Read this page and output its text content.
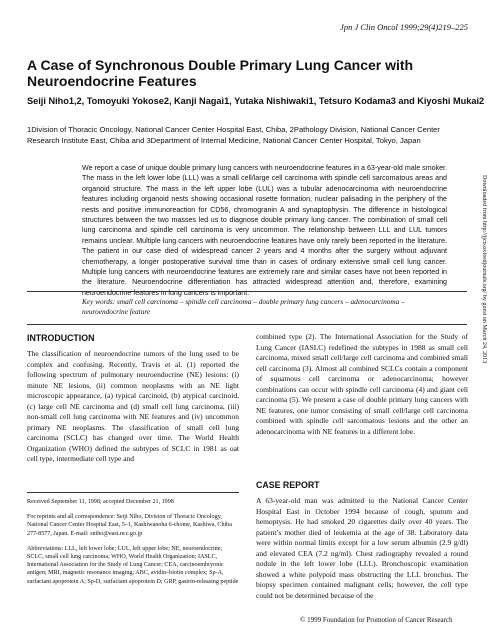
Jpn J Clin Oncol 1999;29(4)219–225
A Case of Synchronous Double Primary Lung Cancer with Neuroendocrine Features
Seiji Niho1,2, Tomoyuki Yokose2, Kanji Nagai1, Yutaka Nishiwaki1, Tetsuro Kodama3 and Kiyoshi Mukai2
1Division of Thoracic Oncology, National Cancer Center Hospital East, Chiba, 2Pathology Division, National Cancer Center Research Institute East, Chiba and 3Department of Internal Medicine, National Cancer Center Hospital, Tokyo, Japan

We report a case of unique double primary lung cancers with neuroendocrine features in a 63-year-old male smoker. The mass in the left lower lobe (LLL) was a small cell/large cell carcinoma with spindle cell sarcomatous areas and organoid structure. The mass in the left upper lobe (LUL) was a tubular adenocarcinoma with neuroendocrine features including organoid nests showing occasional rosette formation, nuclear palisading in the periphery of the nests and positive immunoreaction for CD56, chromogranin A and synaptophysin. The difference in histological structures between the two masses led us to diagnose double primary lung cancer. The combination of small cell lung carcinoma and spindle cell carcinoma is very uncommon. The relationship between LLL and LUL tumors remains unclear. Multiple lung cancers with neuroendocrine features have only rarely been reported in the literature. The patient in our case died of widespread cancer 2 years and 4 months after the surgery without adjuvant chemotherapy, a longer postoperative survival time than in cases of ordinary extensive small cell lung cancer. Multiple lung cancers with neuroendocrine features are extremely rare and similar cases have not been reported in the literature. Neuroendocrine differentiation has attracted widespread attention and, therefore, examining neuroendocrine features in lung cancers is important.

Key words: small cell carcinoma – spindle cell carcinoma – double primary lung cancers – adenocarcinoma – neuroendocrine feature	Downloaded from http://jjco.oxfordjournals.org/ by guest on March 24, 2013
INTRODUCTION

The classification of neuroendocrine tumors of the lung used to be complex and confusing. Recently, Travis et al. (1) reported the following spectrum of pulmonary neuroendocrine (NE) lesions: (i) minute NE lesions, (ii) common neoplasms with an NE light microscopic appearance, (a) typical carcinoid, (b) atypical carcinoid, (c) large cell NE carcinoma and (d) small cell lung carcinoma, (iii) non-small cell lung carcinoma with NE features and (iv) uncommon primary NE neoplasms. The classification of small cell lung carcinoma (SCLC) has changed over time. The World Health Organization (WHO) defined the subtypes of SCLC in 1981 as oat cell type, intermediate cell type and

Received September 11, 1998; accepted December 21, 1998

For reprints and all correspondence: Seiji Niho, Division of Thoracic Oncology, National Cancer Center Hospital East, 5–1, Kashiwanoha 6-chome, Kashiwa, Chiba 277-8577, Japan. E-mail: sniho@east.ncc.go.jp

Abbreviations: LLL, left lower lobe; LUL, left upper lobe; NE, neuroendocrine; SCLC, small cell lung carcinoma; WHO, World Health Organization; IASLC, International Association for the Study of Lung Cancer; CEA, carcinoembryonic antigen; MRI, magnetic resonance imaging; ABC, avidin–biotin complex; Sp-A, surfactant apoprotein A; Sp-D, surfactant apoprotein D; GRP, gastrin-releasing peptide

combined type (2). The International Association for the Study of Lung Cancer (IASLC) redefined the subtypes in 1988 as small cell carcinoma, mixed small cell/large cell carcinoma and combined small cell carcinoma (3). Almost all combined SCLCs contain a component of squamous cell carcinoma or adenocarcinoma; however combinations can occur with spindle cell carcinoma (4) and giant cell carcinoma (5). We present a case of double primary lung cancers with NE features, one tumor consisting of small cell/large cell carcinoma combined with spindle cell sarcomatous lesions and the other an adenocarcinoma with NE features in a different lobe.

CASE REPORT

A 63-year-old man was admitted to the National Cancer Center Hospital East in October 1994 because of cough, sputum and hemoptysis. He had smoked 20 cigarettes daily over 40 years. The patient’s mother died of leukemia at the age of 38. Laboratory data were within normal limits except for a low serum albumin (2.9 g/dl) and elevated CEA (7.2 ng/ml). Chest radiography revealed a round nodule in the left lower lobe (LLL). Bronchoscopic examination showed a white polypoid mass obstructing the LLL bronchus. The biopsy specimen contained malignant cells; however, the cell type could not be determined because of the

© 1999 Foundation for Promotion of Cancer Research
